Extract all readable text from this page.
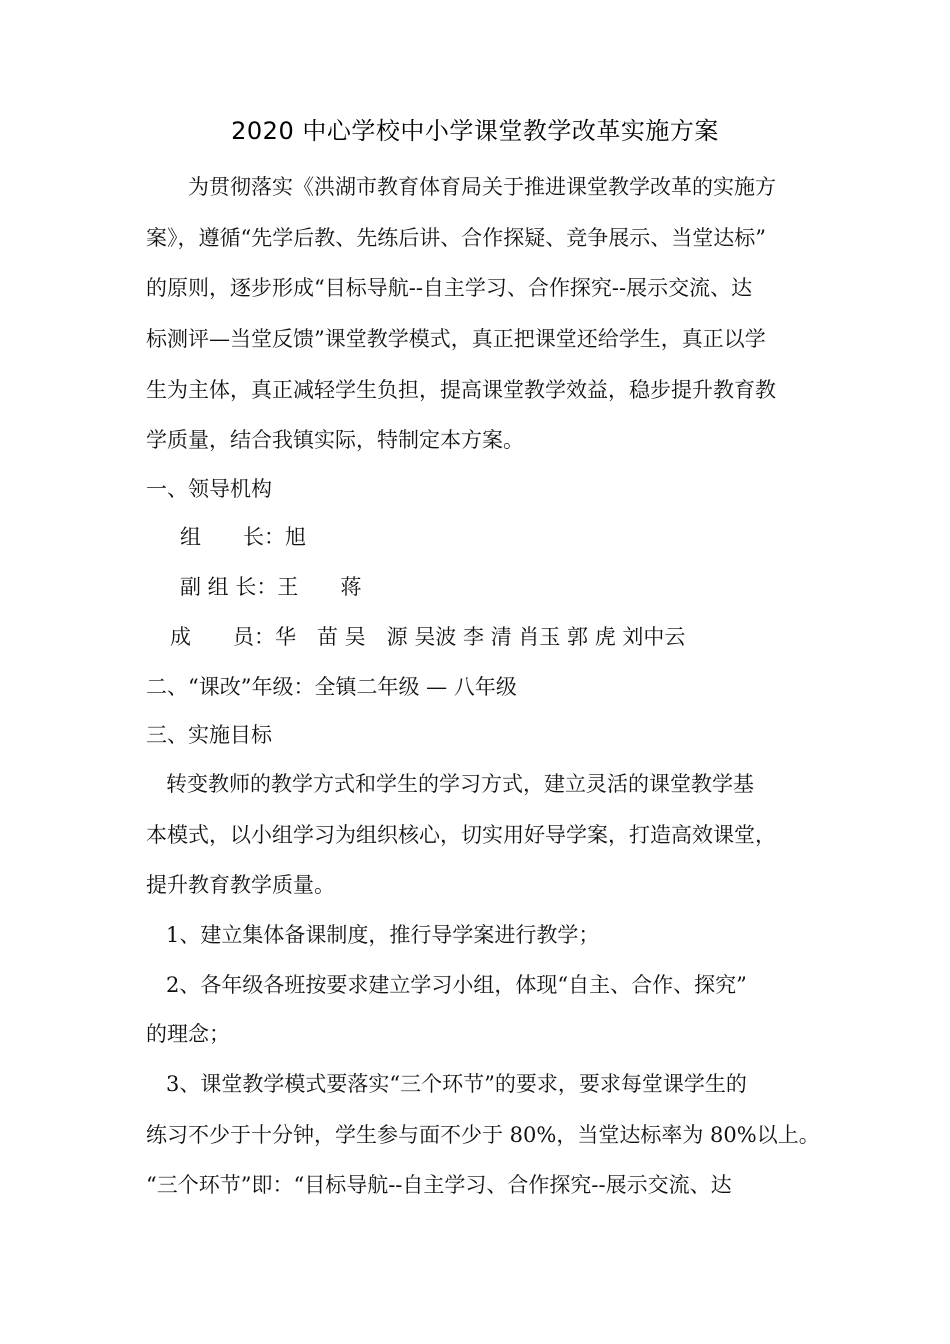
2020 中心学校中小学课堂教学改革实施方案
为贯彻落实《洪湖市教育体育局关于推进课堂教学改革的实施方
案》，遵循“先学后教、先练后讲、合作探疑、竞争展示、当堂达标”
的原则，逐步形成“目标导航--自主学习、合作探究--展示交流、达
标测评—当堂反馈”课堂教学模式，真正把课堂还给学生，真正以学
生为主体，真正减轻学生负担，提高课堂教学效益，稳步提升教育教
学质量，结合我镇实际，特制定本方案。
一、领导机构
组　　长：旭
副 组 长：王　　蒋
成　　员：华　苗 吴　源 吴波 李 清 肖玉 郭 虎 刘中云
二、“课改”年级：全镇二年级 — 八年级
三、实施目标
转变教师的教学方式和学生的学习方式，建立灵活的课堂教学基
本模式，以小组学习为组织核心，切实用好导学案，打造高效课堂，
提升教育教学质量。
1、建立集体备课制度，推行导学案进行教学；
2、各年级各班按要求建立学习小组，体现“自主、合作、探究”
的理念；
3、课堂教学模式要落实“三个环节”的要求，要求每堂课学生的
练习不少于十分钟，学生参与面不少于 80%，当堂达标率为 80%以上。
“三个环节”即：“目标导航--自主学习、合作探究--展示交流、达
